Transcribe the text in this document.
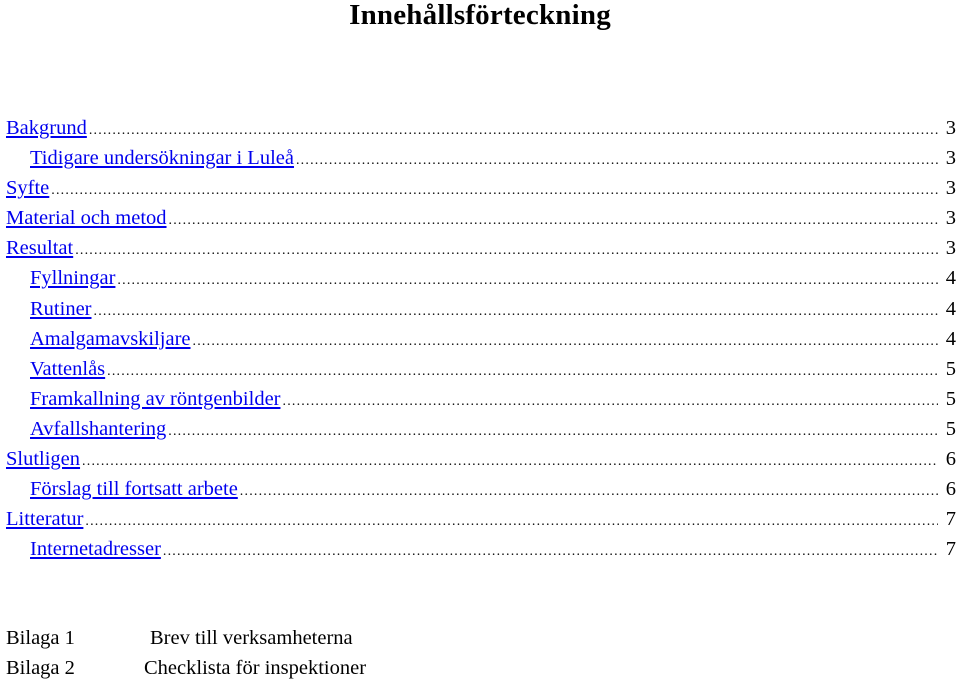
Innehållsförteckning
Bakgrund .....	3
Tidigare undersökningar i Luleå .....	3
Syfte .....	3
Material och metod .....	3
Resultat .....	3
Fyllningar .....	4
Rutiner .....	4
Amalgamavskiljare .....	4
Vattenlås .....	5
Framkallning av röntgenbilder .....	5
Avfallshantering .....	5
Slutligen .....	6
Förslag till fortsatt arbete .....	6
Litteratur .....	7
Internetadresser .....	7
Bilaga 1	Brev till verksamheterna
Bilaga 2	Checklista för inspektioner
